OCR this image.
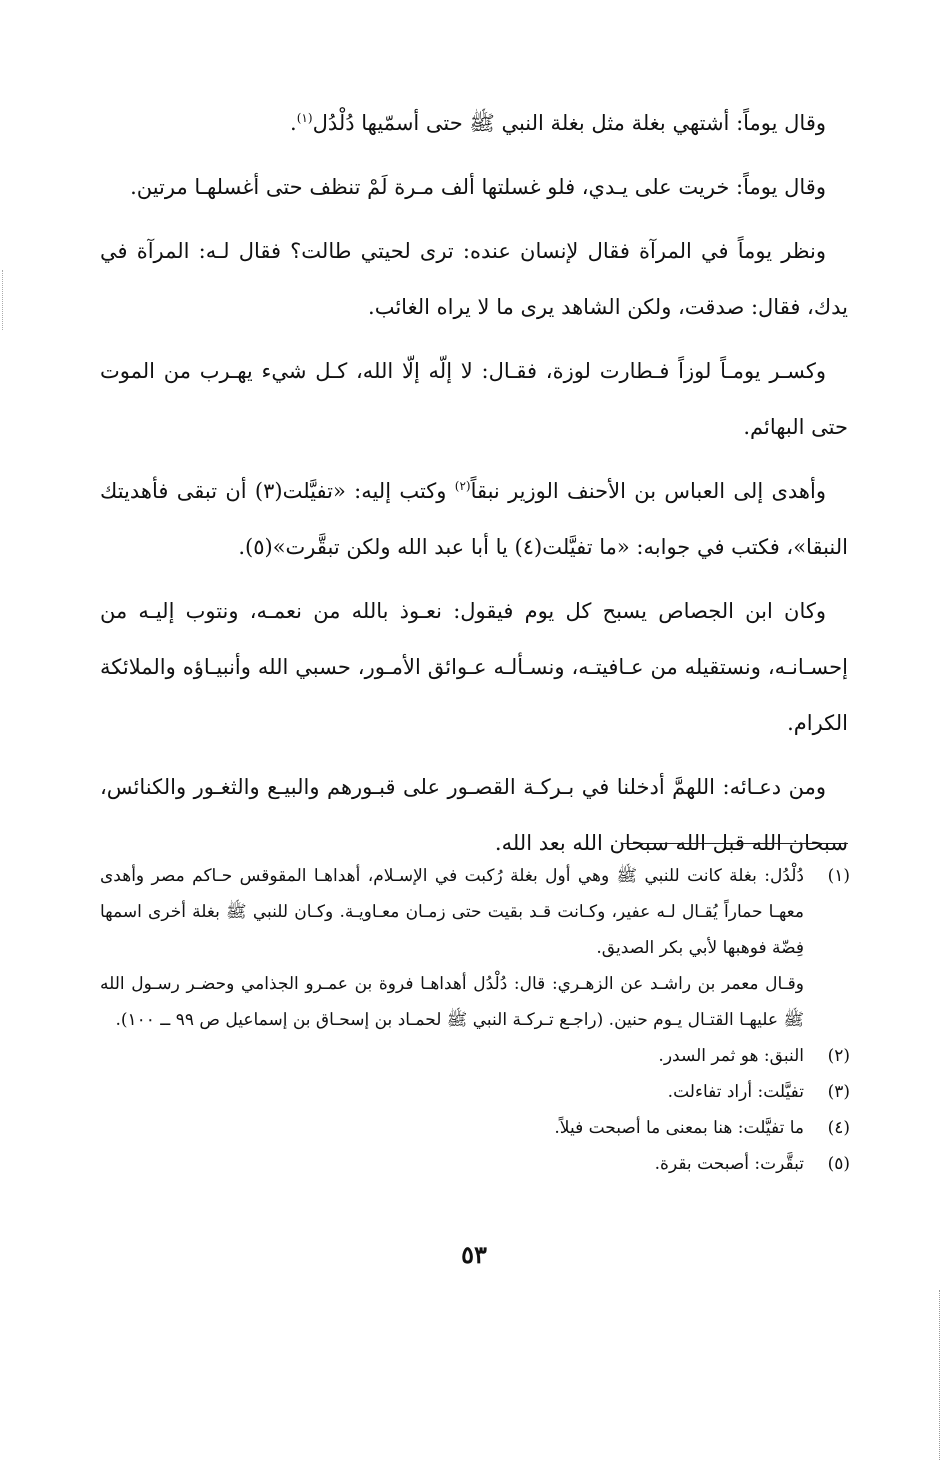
وقال يوماً: أشتهي بغلة مثل بغلة النبي ﷺ حتى أسمّيها دُلْدُل$^{(١)}$.

وقال يوماً: خريت على يـدي، فلو غسلتها ألف مـرة لَمْ تنظف حتى أغسلهـا مرتين.

ونظر يوماً في المرآة فقال لإنسان عنده: ترى لحيتي طالت؟ فقال لـه: المرآة في يدك، فقال: صدقت، ولكن الشاهد يرى ما لا يراه الغائب.

وكسـر يومـاً لوزاً فـطارت لوزة، فقـال: لا إلّه إلّا الله، كـل شيء يهـرب من الموت حتى البهائم.

وأهدى إلى العباس بن الأحنف الوزير نبقاً$^{(٢)}$ وكتب إليه: «تفيَّلت(٣) أن تبقى فأهديتك النبقا»، فكتب في جوابه: «ما تفيَّلت(٤) يا أبا عبد الله ولكن تبقَّرت»(٥).

وكان ابن الجصاص يسبح كل يوم فيقول: نعـوذ بالله من نعمـه، ونتوب إليـه من إحسـانـه، ونستقيله من عـافيتـه، ونسـألـه عـوائق الأمـور، حسبي الله وأنبيـاؤه والملائكة الكرام.

ومن دعـائه: اللهمَّ أدخلنا في بـركـة القصـور على قبـورهم والبيـع والثغـور والكنائس، سبحان الله قبل الله سبحان الله بعد الله.

(١)
دُلْدُل: بغلة كانت للنبي ﷺ وهي أول بغلة رُكبت في الإسـلام، أهداهـا المقوقس حـاكم مصر وأهدى معهـا حماراً يُقـال لـه عفير، وكـانت قـد بقيت حتى زمـان معـاويـة. وكـان للنبي ﷺ بغلة أخرى اسمها فِضّة فوهبها لأبي بكر الصديق.
وقـال معمر بن راشـد عن الزهـري: قال: دُلْدُل أهداهـا فروة بن عمـرو الجذامي وحضـر رسـول الله ﷺ عليهـا القتـال يـوم حنين. (راجـع تـركـة النبي ﷺ لحمـاد بن إسحـاق بن إسماعيل ص ٩٩ ــ ١٠٠).
(٢)
النبق: هو ثمر السدر.
(٣)
تفيَّلت: أراد تفاءلت.
(٤)
ما تفيَّلت: هنا بمعنى ما أصبحت فيلاً.
(٥)
تبقَّرت: أصبحت بقرة.
٥٣
